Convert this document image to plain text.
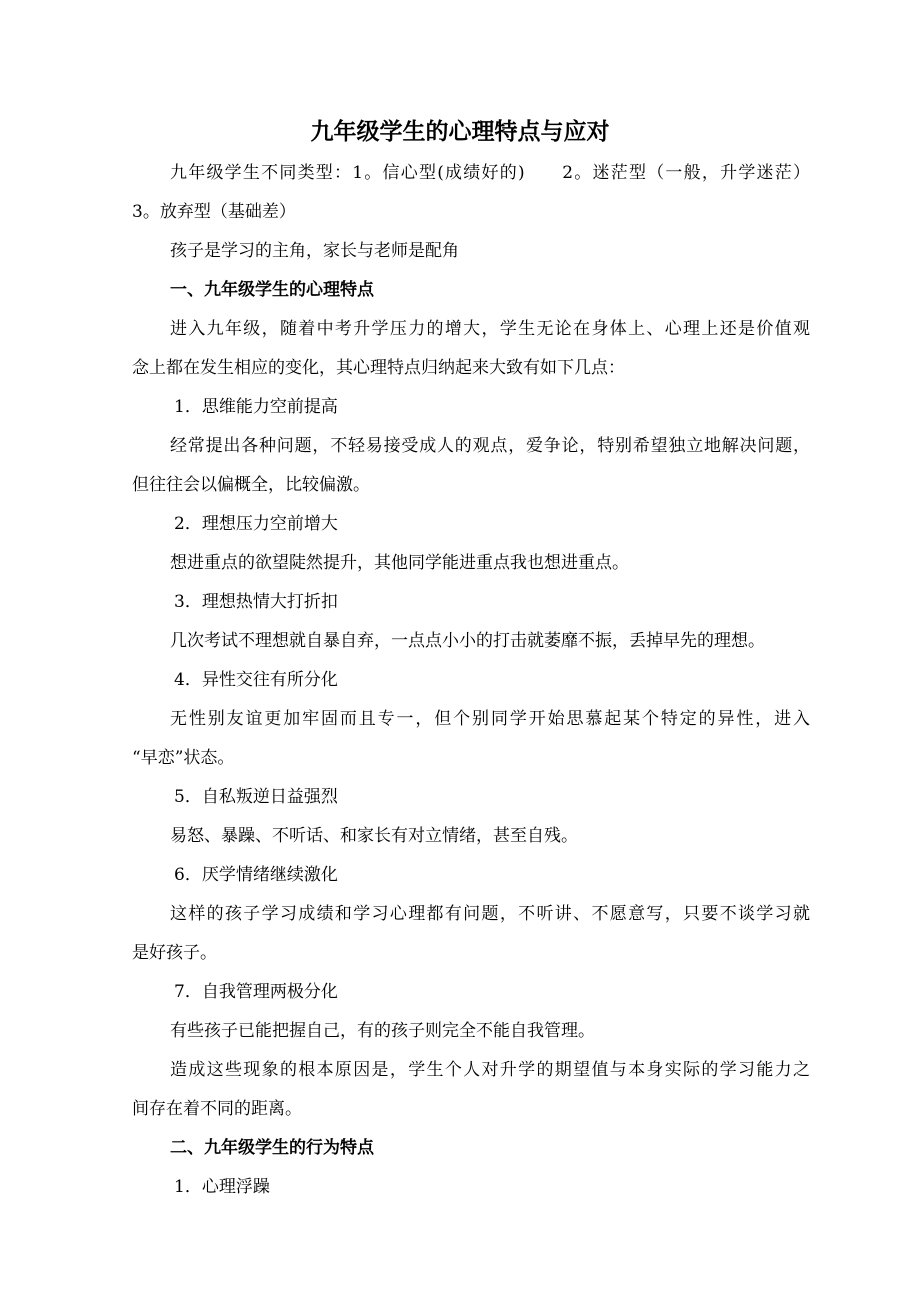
九年级学生的心理特点与应对

九年级学生不同类型：1。信心型(成绩好的)　　2。迷茫型（一般，升学迷茫）

3。放弃型（基础差）

孩子是学习的主角，家长与老师是配角

一、九年级学生的心理特点

进入九年级，随着中考升学压力的增大，学生无论在身体上、心理上还是价值观

念上都在发生相应的变化，其心理特点归纳起来大致有如下几点：

1．思维能力空前提高

经常提出各种问题，不轻易接受成人的观点，爱争论，特别希望独立地解决问题，

但往往会以偏概全，比较偏激。

2．理想压力空前增大

想进重点的欲望陡然提升，其他同学能进重点我也想进重点。

3．理想热情大打折扣

几次考试不理想就自暴自弃，一点点小小的打击就萎靡不振，丢掉早先的理想。

4．异性交往有所分化

无性别友谊更加牢固而且专一，但个别同学开始思慕起某个特定的异性，进入

“早恋”状态。

5．自私叛逆日益强烈

易怒、暴躁、不听话、和家长有对立情绪，甚至自残。

6．厌学情绪继续激化

这样的孩子学习成绩和学习心理都有问题，不听讲、不愿意写，只要不谈学习就

是好孩子。

7．自我管理两极分化

有些孩子已能把握自己，有的孩子则完全不能自我管理。

造成这些现象的根本原因是，学生个人对升学的期望值与本身实际的学习能力之

间存在着不同的距离。

二、九年级学生的行为特点

1．心理浮躁
